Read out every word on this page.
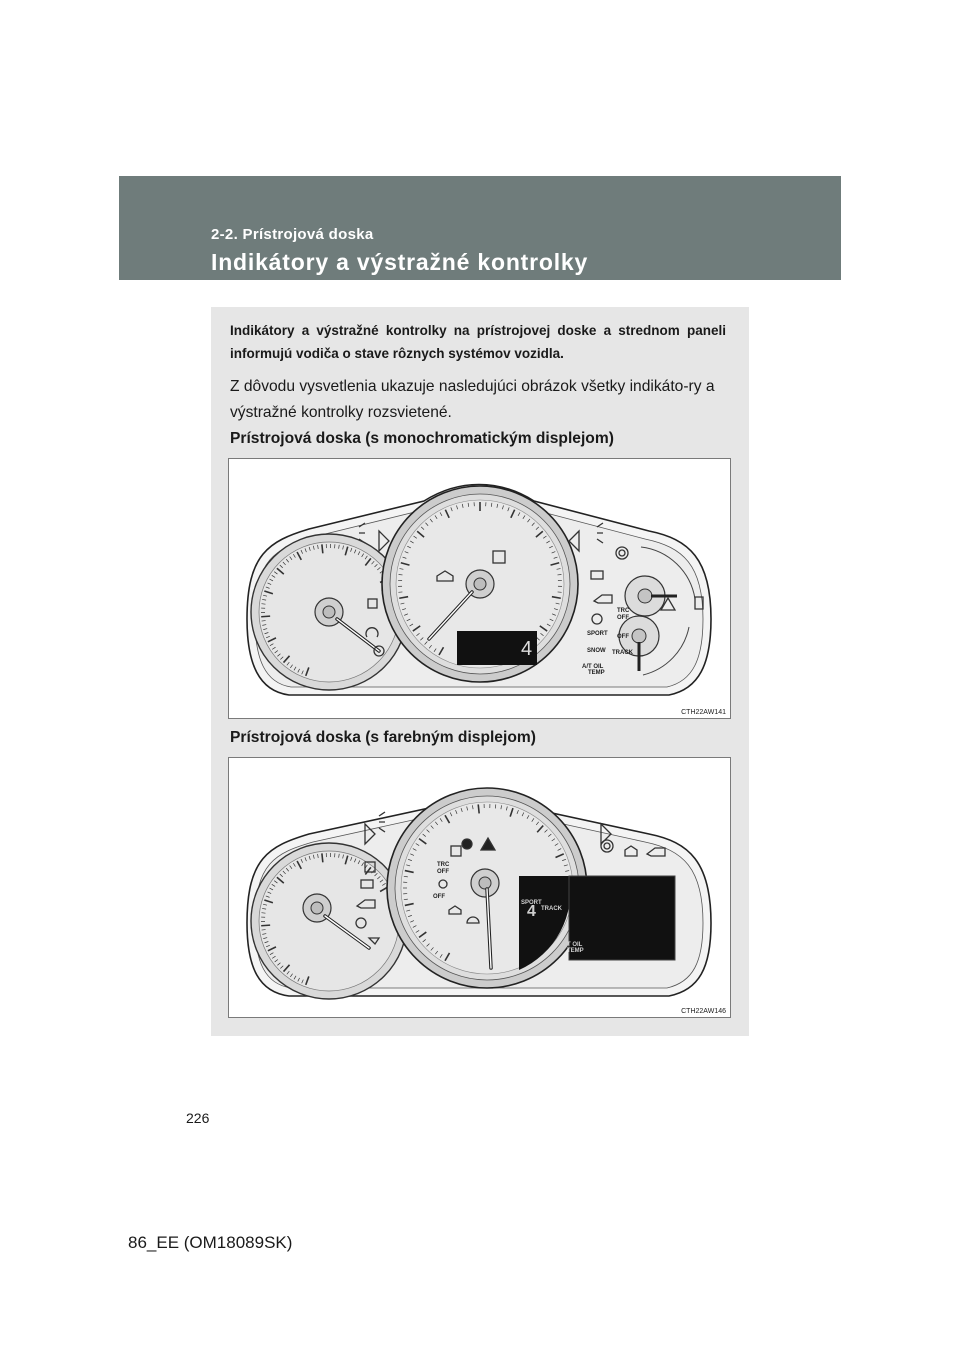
2-2. Prístrojová doska
Indikátory a výstražné kontrolky
Indikátory a výstražné kontrolky na prístrojovej doske a strednom paneli informujú vodiča o stave rôznych systémov vozidla.
Z dôvodu vysvetlenia ukazuje nasledujúci obrázok všetky indikáto-ry a výstražné kontrolky rozsvietené.
Prístrojová doska (s monochromatickým displejom)
4
TRC
OFF
OFF
SPORT
SNOW TRACK
A/T OIL
TEMP
CTH22AW141
Prístrojová doska (s farebným displejom)
SPORT
TRACK
4
A/T OIL
TEMP
TRC
OFF
OFF
CTH22AW146
226
86_EE (OM18089SK)
